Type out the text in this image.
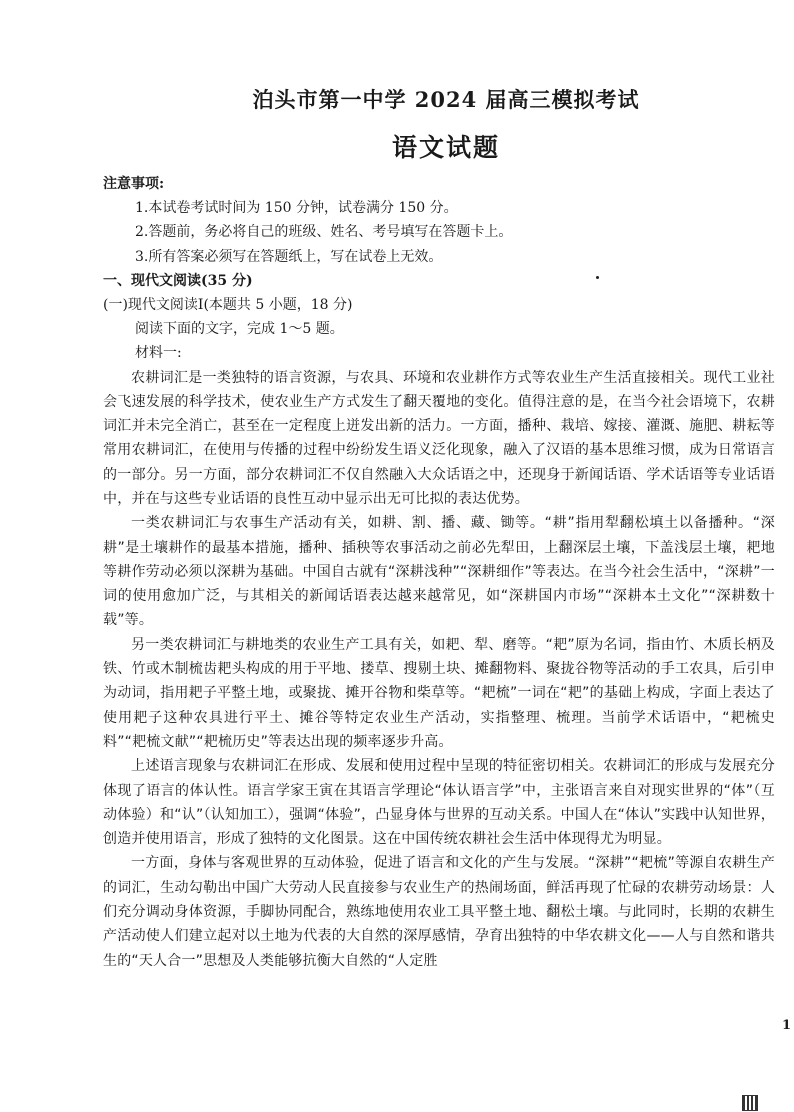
泊头市第一中学 2024 届高三模拟考试
语文试题
注意事项:
1.本试卷考试时间为 150 分钟，试卷满分 150 分。
2.答题前，务必将自己的班级、姓名、考号填写在答题卡上。
3.所有答案必须写在答题纸上，写在试卷上无效。
一、现代文阅读(35 分)
(一)现代文阅读Ⅰ(本题共 5 小题，18 分)
阅读下面的文字，完成 1～5 题。
材料一:

农耕词汇是一类独特的语言资源，与农具、环境和农业耕作方式等农业生产生活直接相关。现代工业社会飞速发展的科学技术，使农业生产方式发生了翻天覆地的变化。值得注意的是，在当今社会语境下，农耕词汇并未完全消亡，甚至在一定程度上迸发出新的活力。一方面，播种、栽培、嫁接、灌溉、施肥、耕耘等常用农耕词汇，在使用与传播的过程中纷纷发生语义泛化现象，融入了汉语的基本思维习惯，成为日常语言的一部分。另一方面，部分农耕词汇不仅自然融入大众话语之中，还现身于新闻话语、学术话语等专业话语中，并在与这些专业话语的良性互动中显示出无可比拟的表达优势。

一类农耕词汇与农事生产活动有关，如耕、割、播、藏、锄等。“耕”指用犁翻松填土以备播种。“深耕”是土壤耕作的最基本措施，播种、插秧等农事活动之前必先犁田，上翻深层土壤，下盖浅层土壤，耙地等耕作劳动必须以深耕为基础。中国自古就有“深耕浅种”“深耕细作”等表达。在当今社会生活中，“深耕”一词的使用愈加广泛，与其相关的新闻话语表达越来越常见，如“深耕国内市场”“深耕本土文化”“深耕数十载”等。

另一类农耕词汇与耕地类的农业生产工具有关，如耙、犁、磨等。“耙”原为名词，指由竹、木质长柄及铁、竹或木制梳齿耙头构成的用于平地、搂草、搜剔土块、摊翻物料、聚拢谷物等活动的手工农具，后引申为动词，指用耙子平整土地，或聚拢、摊开谷物和柴草等。“耙梳”一词在“耙”的基础上构成，字面上表达了使用耙子这种农具进行平土、摊谷等特定农业生产活动，实指整理、梳理。当前学术话语中，“耙梳史料”“耙梳文献”“耙梳历史”等表达出现的频率逐步升高。

上述语言现象与农耕词汇在形成、发展和使用过程中呈现的特征密切相关。农耕词汇的形成与发展充分体现了语言的体认性。语言学家王寅在其语言学理论“体认语言学”中，主张语言来自对现实世界的“体”（互动体验）和“认”（认知加工），强调“体验”，凸显身体与世界的互动关系。中国人在“体认”实践中认知世界，创造并使用语言，形成了独特的文化图景。这在中国传统农耕社会生活中体现得尤为明显。

一方面，身体与客观世界的互动体验，促进了语言和文化的产生与发展。“深耕”“耙梳”等源自农耕生产的词汇，生动勾勒出中国广大劳动人民直接参与农业生产的热闹场面，鲜活再现了忙碌的农耕劳动场景：人们充分调动身体资源，手脚协同配合，熟练地使用农业工具平整土地、翻松土壤。与此同时，长期的农耕生产活动使人们建立起对以土地为代表的大自然的深厚感情，孕育出独特的中华农耕文化——人与自然和谐共生的“天人合一”思想及人类能够抗衡大自然的“人定胜

1
